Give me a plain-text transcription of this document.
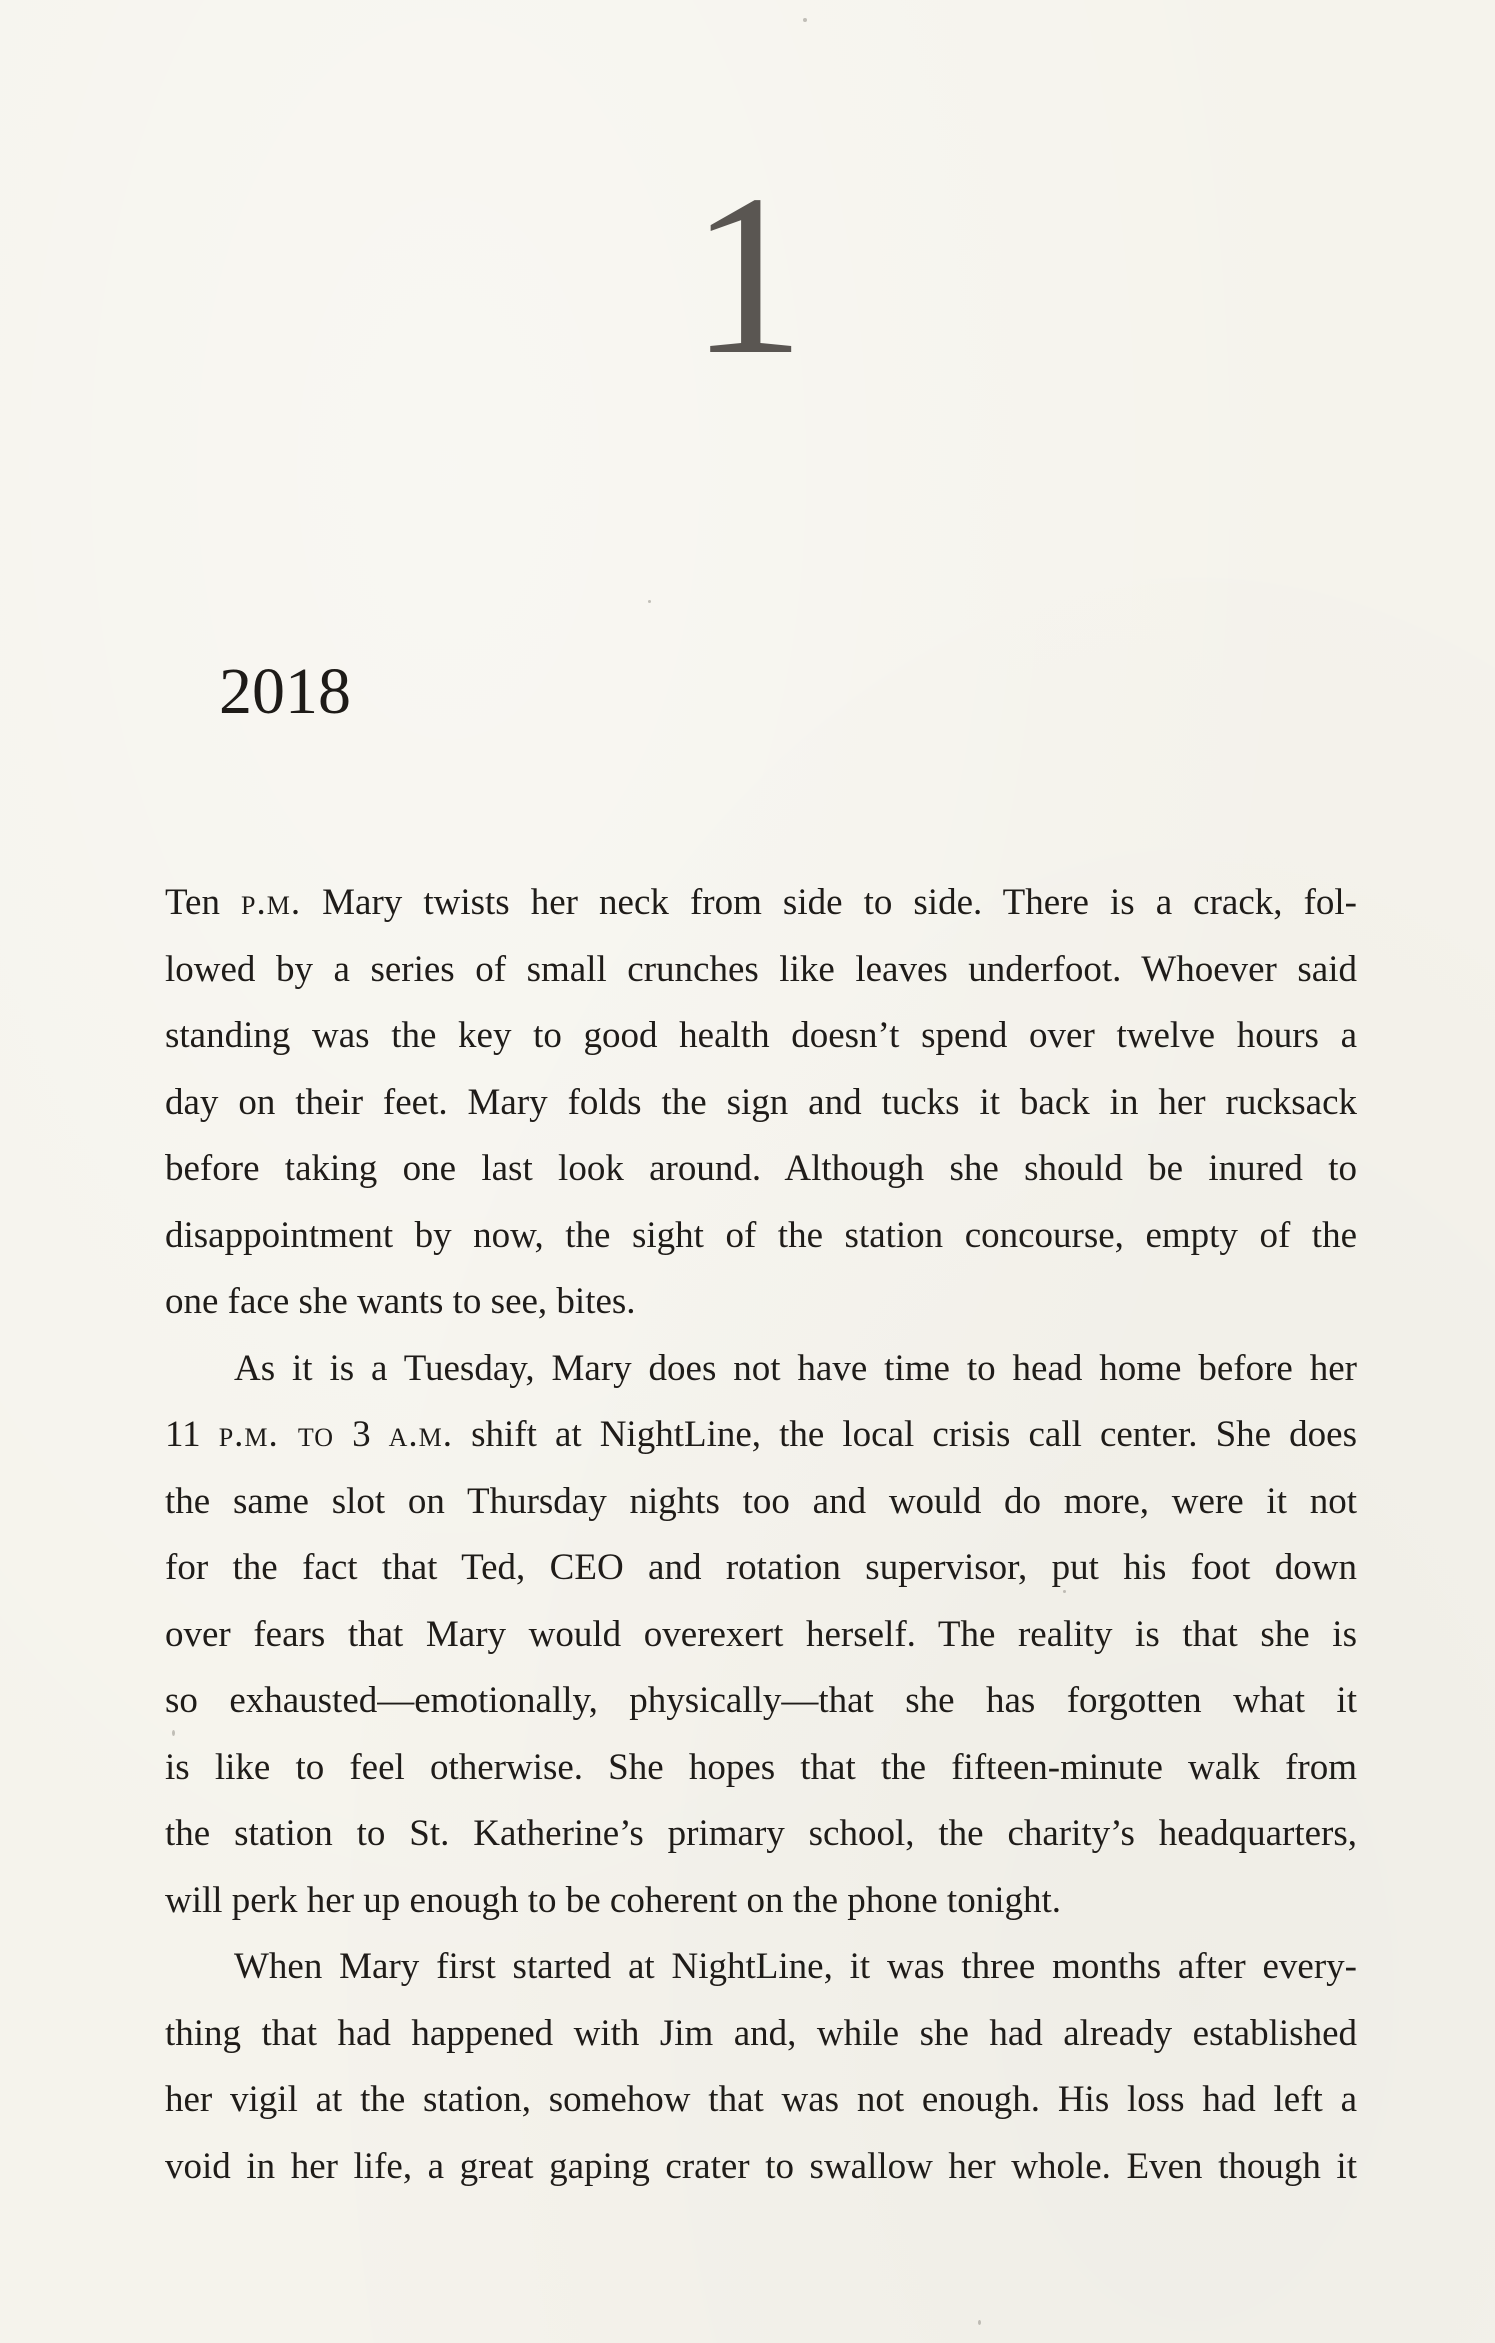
1
2018
Ten p.m. Mary twists her neck from side to side. There is a crack, fol-
lowed by a series of small crunches like leaves underfoot. Whoever said
standing was the key to good health doesn’t spend over twelve hours a
day on their feet. Mary folds the sign and tucks it back in her rucksack
before taking one last look around. Although she should be inured to
disappointment by now, the sight of the station concourse, empty of the
one face she wants to see, bites.
As it is a Tuesday, Mary does not have time to head home before her
11 p.m. to 3 a.m. shift at NightLine, the local crisis call center. She does
the same slot on Thursday nights too and would do more, were it not
for the fact that Ted, CEO and rotation supervisor, put his foot down
over fears that Mary would overexert herself. The reality is that she is
so exhausted—emotionally, physically—that she has forgotten what it
is like to feel otherwise. She hopes that the fifteen-minute walk from
the station to St. Katherine’s primary school, the charity’s headquarters,
will perk her up enough to be coherent on the phone tonight.
When Mary first started at NightLine, it was three months after every-
thing that had happened with Jim and, while she had already established
her vigil at the station, somehow that was not enough. His loss had left a
void in her life, a great gaping crater to swallow her whole. Even though it
